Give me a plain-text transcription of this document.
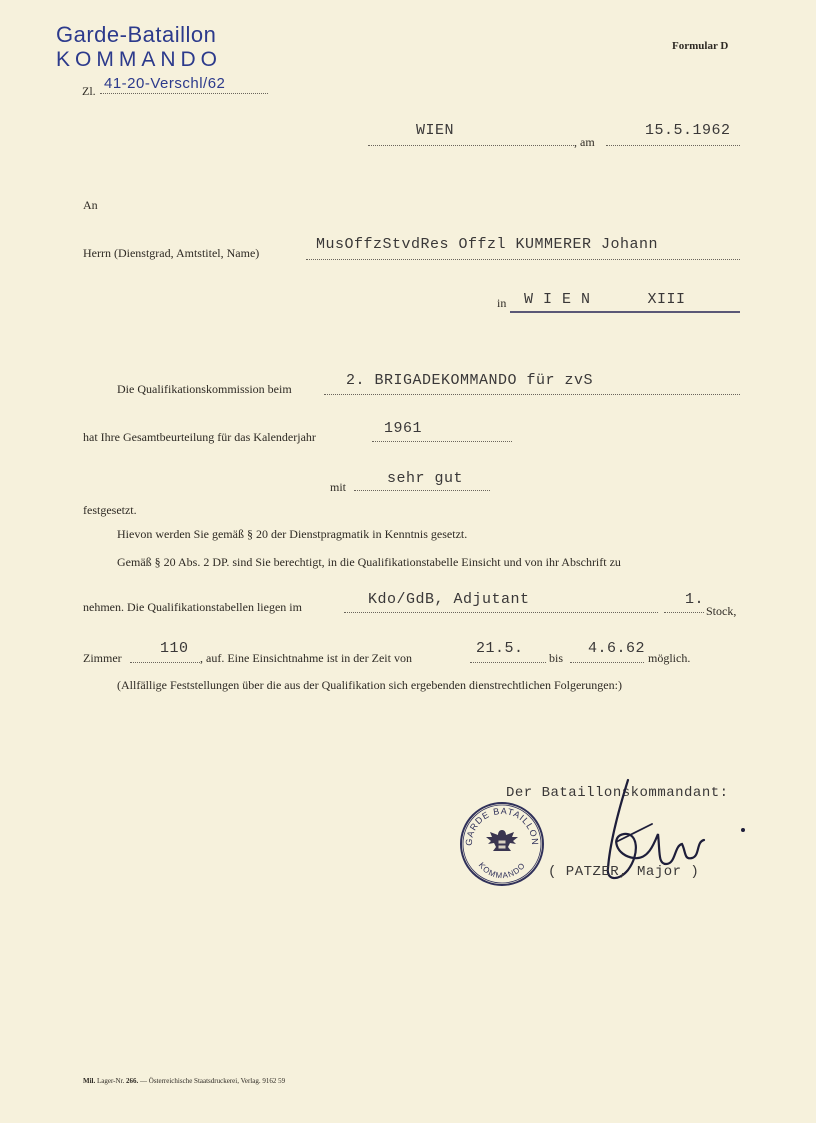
Garde-Bataillon
KOMMANDO
Zl. 41-20-Verschl/62
Formular D
WIEN
, am
15.5.1962
An
Herrn (Dienstgrad, Amtstitel, Name)	MusOffzStvdRes Offzl KUMMERER Johann
in W I E N      XIII
Die Qualifikationskommission beim	2. BRIGADEKOMMANDO für zvS
hat Ihre Gesamtbeurteilung für das Kalenderjahr	1961
mit	sehr gut
festgesetzt.
Hievon werden Sie gemäß § 20 der Dienstpragmatik in Kenntnis gesetzt.
Gemäß § 20 Abs. 2 DP. sind Sie berechtigt, in die Qualifikationstabelle Einsicht und von ihr Abschrift zu
nehmen. Die Qualifikationstabellen liegen im	Kdo/GdB, Adjutant	1.
Stock,
Zimmer
110
, auf. Eine Einsichtnahme ist in der Zeit von
21.5.
bis
4.6.62
möglich.
(Allfällige Feststellungen über die aus der Qualifikation sich ergebenden dienstrechtlichen Folgerungen:)
Der Bataillonskommandant:
GARDE BATAILLON
KOMMANDO ( PATZER, Major )
Mil. Lager-Nr. 266. — Österreichische Staatsdruckerei, Verlag. 9162 59
